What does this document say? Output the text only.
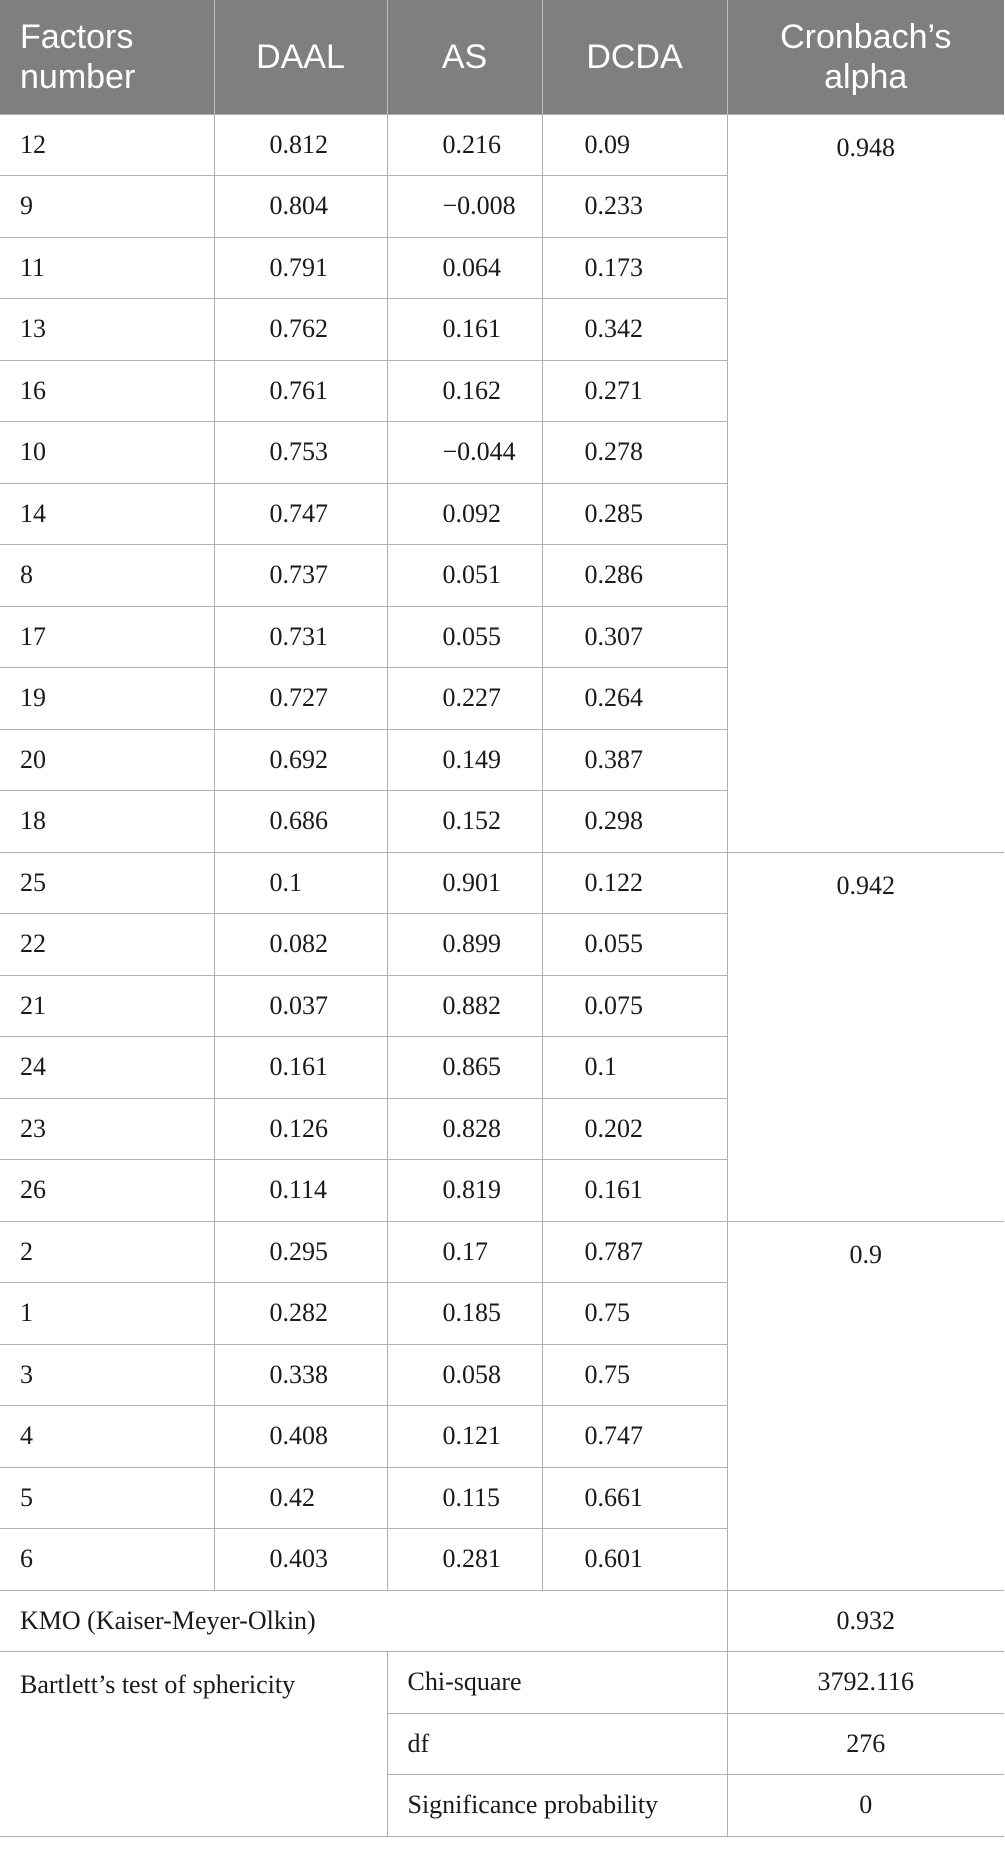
Factors number	DAAL	AS	DCDA	Cronbach’s alpha
12	0.812	0.216	0.09	0.948
9	0.804	−0.008	0.233	
11	0.791	0.064	0.173	
13	0.762	0.161	0.342	
16	0.761	0.162	0.271	
10	0.753	−0.044	0.278	
14	0.747	0.092	0.285	
8	0.737	0.051	0.286	
17	0.731	0.055	0.307	
19	0.727	0.227	0.264	
20	0.692	0.149	0.387	
18	0.686	0.152	0.298	
25	0.1	0.901	0.122	0.942
22	0.082	0.899	0.055	
21	0.037	0.882	0.075	
24	0.161	0.865	0.1	
23	0.126	0.828	0.202	
26	0.114	0.819	0.161	
2	0.295	0.17	0.787	0.9
1	0.282	0.185	0.75	
3	0.338	0.058	0.75	
4	0.408	0.121	0.747	
5	0.42	0.115	0.661	
6	0.403	0.281	0.601	
KMO (Kaiser-Meyer-Olkin)				0.932
Bartlett’s test of sphericity		Chi-square		3792.116
		df		276
		Significance probability		0
